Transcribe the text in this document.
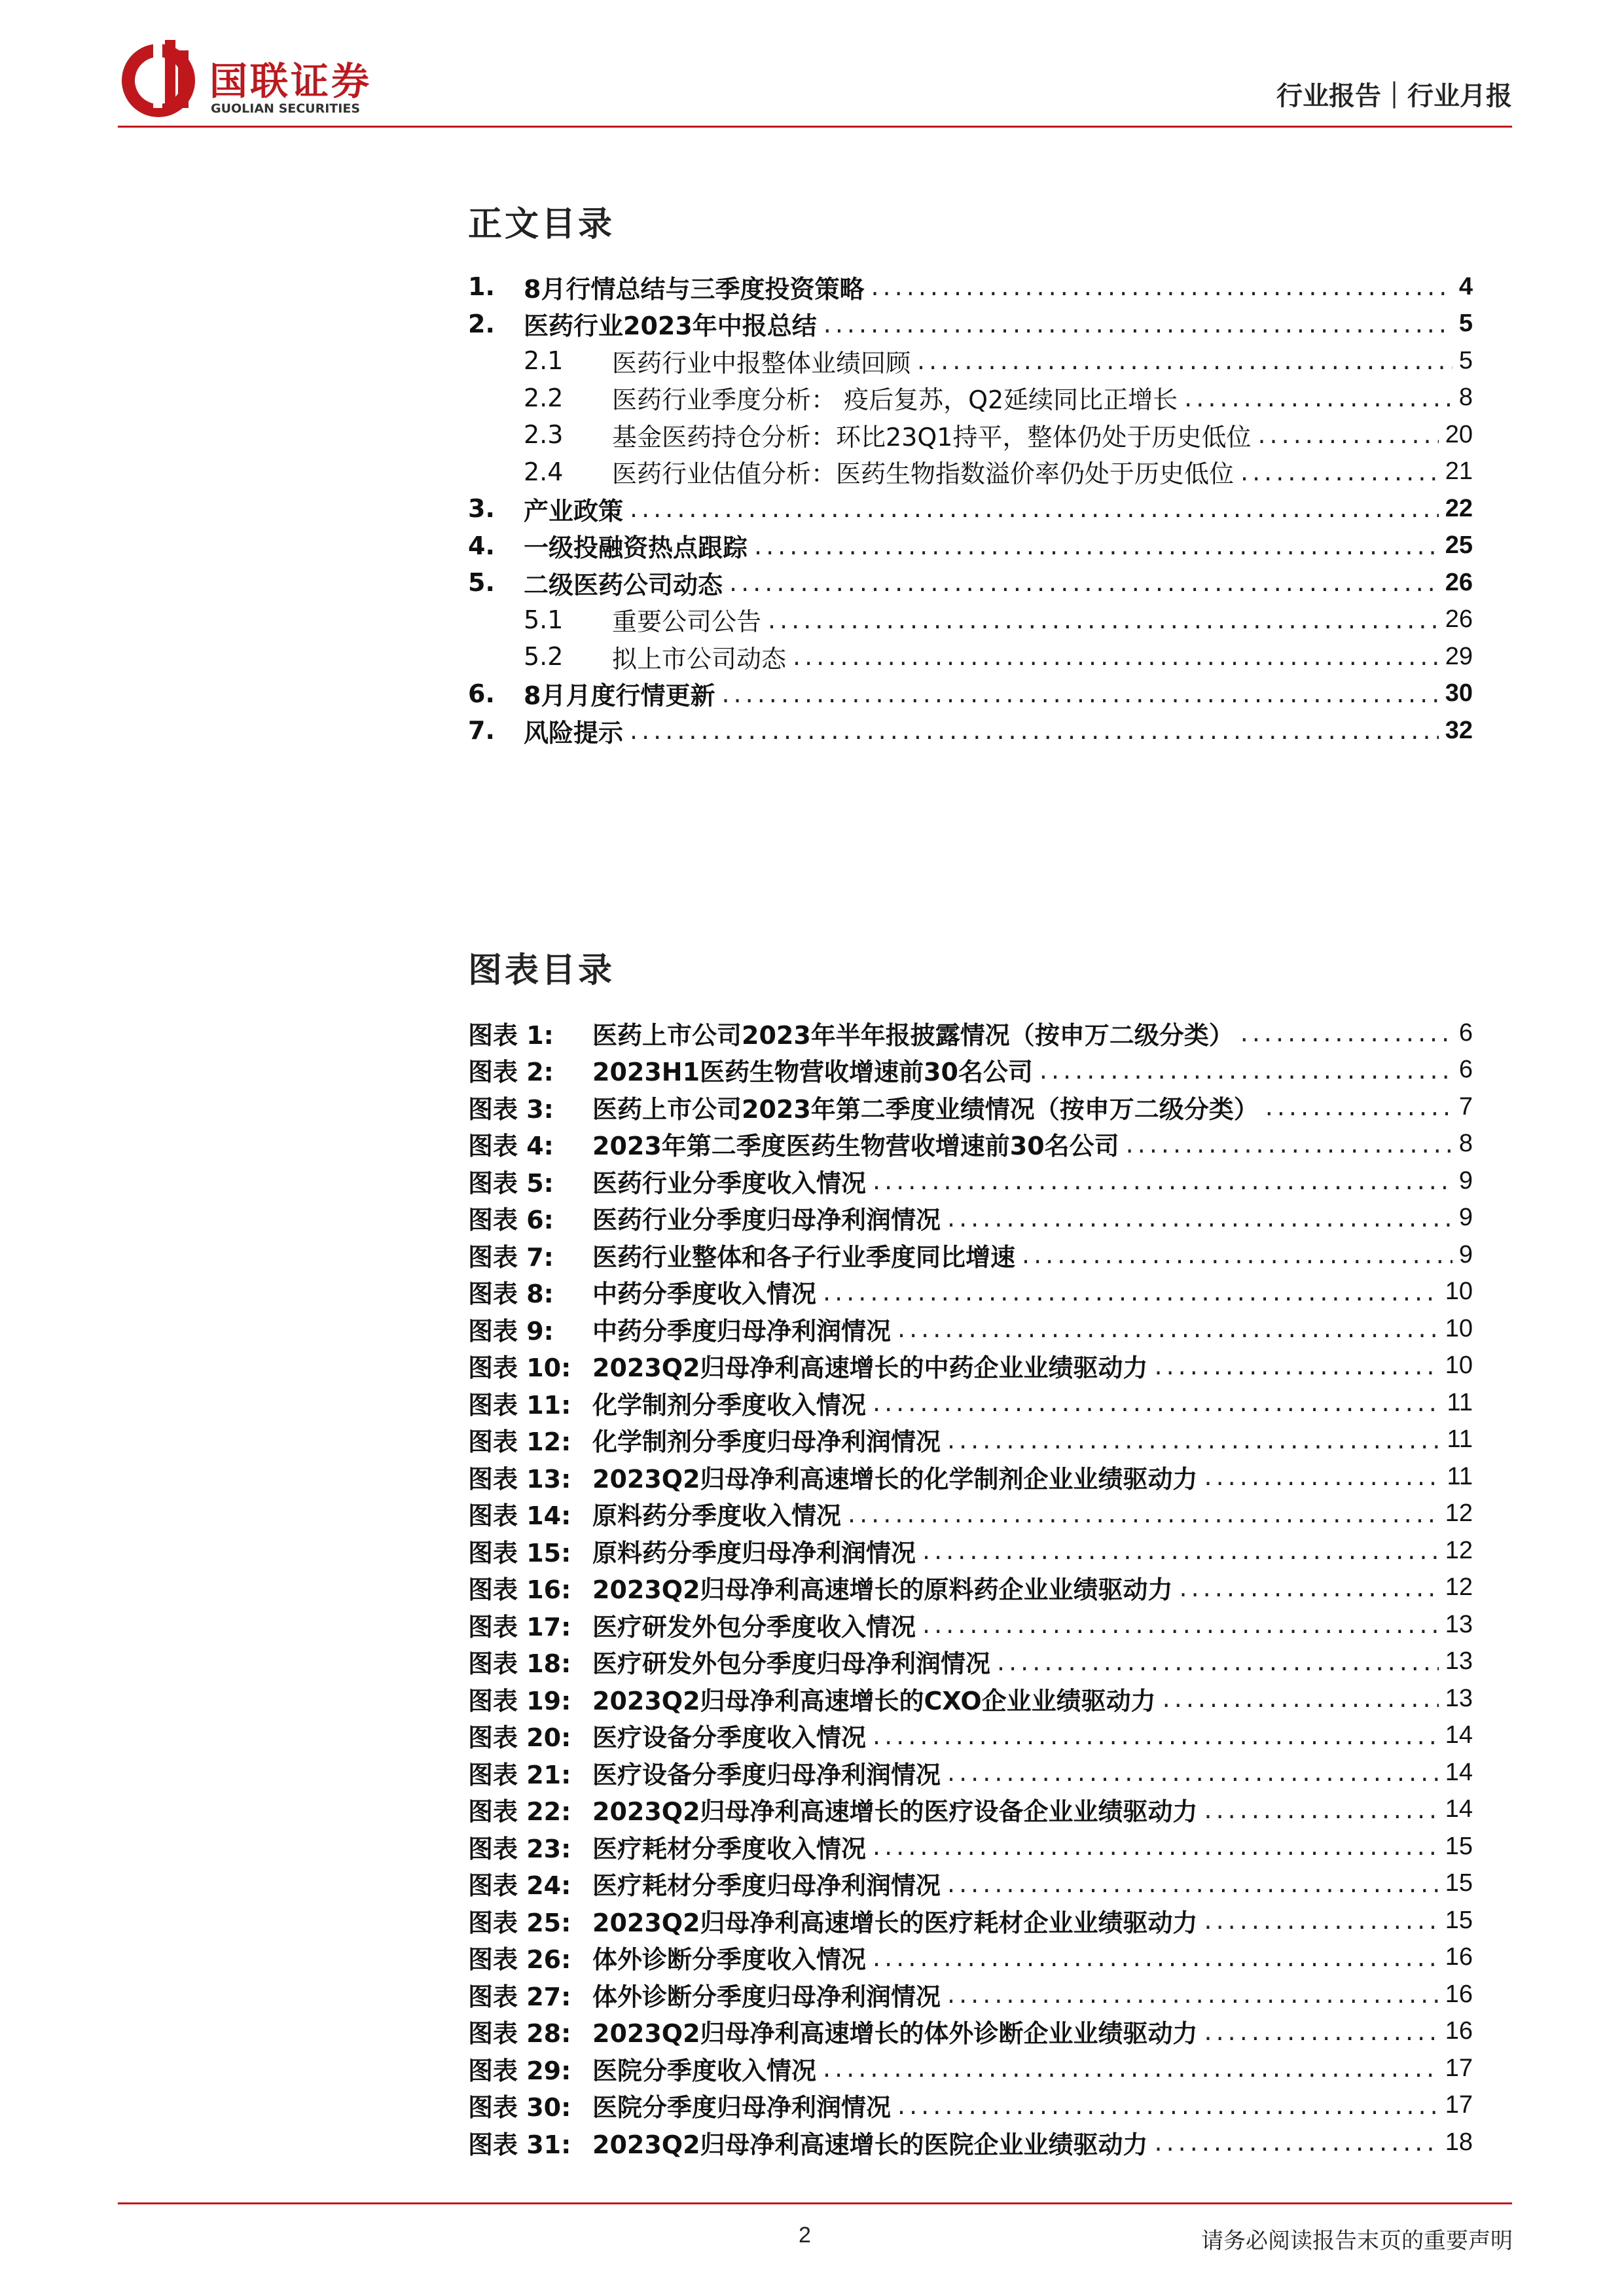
国联证券
GUOLIAN SECURITIES	行业报告｜行业月报
正文目录
1.	8月行情总结与三季度投资策略 .....	4
2.	医药行业2023年中报总结 .....	5
2.1	医药行业中报整体业绩回顾 .....	5
2.2	医药行业季度分析： 疫后复苏，Q2延续同比正增长 .....	8
2.3	基金医药持仓分析：环比23Q1持平，整体仍处于历史低位 .....	20
2.4	医药行业估值分析：医药生物指数溢价率仍处于历史低位 .....	21
3.	产业政策 .....	22
4.	一级投融资热点跟踪 .....	25
5.	二级医药公司动态 .....	26
5.1	重要公司公告 .....	26
5.2	拟上市公司动态 .....	29
6.	8月月度行情更新 .....	30
7.	风险提示 .....	32
图表目录
图表 1:	医药上市公司2023年半年报披露情况（按申万二级分类） .....	6
图表 2:	2023H1医药生物营收增速前30名公司 .....	6
图表 3:	医药上市公司2023年第二季度业绩情况（按申万二级分类） .....	7
图表 4:	2023年第二季度医药生物营收增速前30名公司 .....	8
图表 5:	医药行业分季度收入情况 .....	9
图表 6:	医药行业分季度归母净利润情况 .....	9
图表 7:	医药行业整体和各子行业季度同比增速 .....	9
图表 8:	中药分季度收入情况 .....	10
图表 9:	中药分季度归母净利润情况 .....	10
图表 10: 2023Q2归母净利高速增长的中药企业业绩驱动力 .....	10
图表 11: 化学制剂分季度收入情况 .....	11
图表 12: 化学制剂分季度归母净利润情况 .....	11
图表 13: 2023Q2归母净利高速增长的化学制剂企业业绩驱动力 .....	11
图表 14: 原料药分季度收入情况 .....	12
图表 15: 原料药分季度归母净利润情况 .....	12
图表 16: 2023Q2归母净利高速增长的原料药企业业绩驱动力 .....	12
图表 17: 医疗研发外包分季度收入情况 .....	13
图表 18: 医疗研发外包分季度归母净利润情况 .....	13
图表 19: 2023Q2归母净利高速增长的CXO企业业绩驱动力 .....	13
图表 20: 医疗设备分季度收入情况 .....	14
图表 21: 医疗设备分季度归母净利润情况 .....	14
图表 22: 2023Q2归母净利高速增长的医疗设备企业业绩驱动力 .....	14
图表 23: 医疗耗材分季度收入情况 .....	15
图表 24: 医疗耗材分季度归母净利润情况 .....	15
图表 25: 2023Q2归母净利高速增长的医疗耗材企业业绩驱动力 .....	15
图表 26: 体外诊断分季度收入情况 .....	16
图表 27: 体外诊断分季度归母净利润情况 .....	16
图表 28: 2023Q2归母净利高速增长的体外诊断企业业绩驱动力 .....	16
图表 29: 医院分季度收入情况 .....	17
图表 30: 医院分季度归母净利润情况 .....	17
图表 31: 2023Q2归母净利高速增长的医院企业业绩驱动力 .....	18
2	请务必阅读报告末页的重要声明
